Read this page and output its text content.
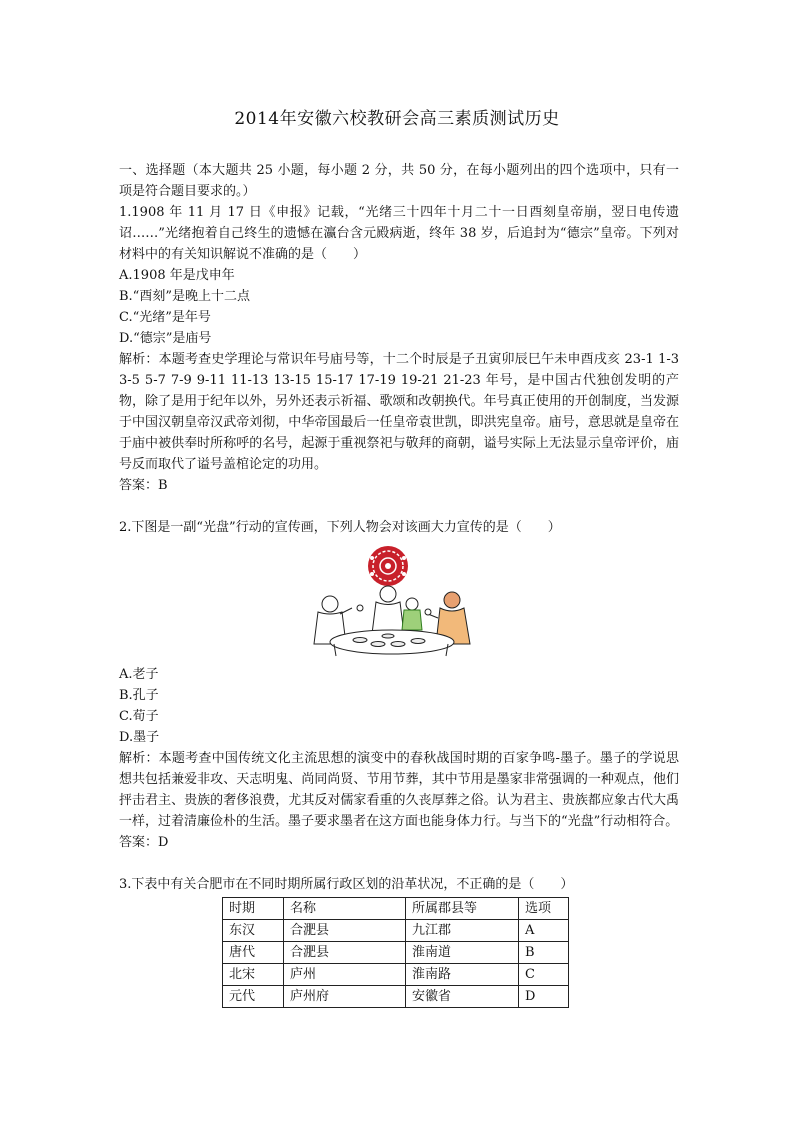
2014年安徽六校教研会高三素质测试历史

一、选择题（本大题共 25 小题，每小题 2 分，共 50 分，在每小题列出的四个选项中，只有一项是符合题目要求的。）

1.1908 年 11 月 17 日《申报》记载，“光绪三十四年十月二十一日酉刻皇帝崩，翌日电传遗诏……”光绪抱着自己终生的遗憾在瀛台含元殿病逝，终年 38 岁，后追封为“德宗”皇帝。下列对材料中的有关知识解说不准确的是（　　）

A.1908 年是戊申年

B.“酉刻”是晚上十二点

C.“光绪”是年号

D.“德宗”是庙号

解析：本题考查史学理论与常识年号庙号等，十二个时辰是子丑寅卯辰巳午未申酉戌亥 23-1 1-3 3-5 5-7 7-9 9-11 11-13 13-15 15-17 17-19 19-21 21-23 年号，是中国古代独创发明的产物，除了是用于纪年以外，另外还表示祈福、歌颂和改朝换代。年号真正使用的开创制度，当发源于中国汉朝皇帝汉武帝刘彻，中华帝国最后一任皇帝袁世凯，即洪宪皇帝。庙号，意思就是皇帝在于庙中被供奉时所称呼的名号，起源于重视祭祀与敬拜的商朝，谥号实际上无法显示皇帝评价，庙号反而取代了谥号盖棺论定的功用。

答案：B

2.下图是一副“光盘”行动的宣传画，下列人物会对该画大力宣传的是（　　）

A.老子

B.孔子

C.荀子

D.墨子

解析：本题考查中国传统文化主流思想的演变中的春秋战国时期的百家争鸣-墨子。墨子的学说思想共包括兼爱非攻、天志明鬼、尚同尚贤、节用节葬，其中节用是墨家非常强调的一种观点，他们抨击君主、贵族的奢侈浪费，尤其反对儒家看重的久丧厚葬之俗。认为君主、贵族都应象古代大禹一样，过着清廉俭朴的生活。墨子要求墨者在这方面也能身体力行。与当下的“光盘”行动相符合。

答案：D

3.下表中有关合肥市在不同时期所属行政区划的沿革状况，不正确的是（　　）

时期	名称	所属郡县等	选项
东汉	合淝县	九江郡	A
唐代	合淝县	淮南道	B
北宋	庐州	淮南路	C
元代	庐州府	安徽省	D
